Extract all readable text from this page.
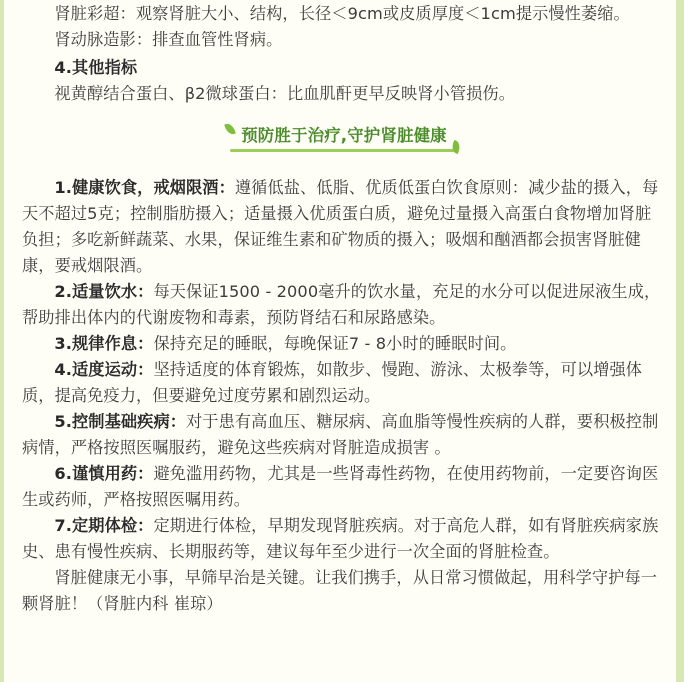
肾脏彩超：观察肾脏大小、结构，长径＜9cm或皮质厚度＜1cm提示慢性萎缩。

肾动脉造影：排查血管性肾病。

4.其他指标

视黄醇结合蛋白、β2微球蛋白：比血肌酐更早反映肾小管损伤。

预防胜于治疗,守护肾脏健康

1.健康饮食，戒烟限酒：遵循低盐、低脂、优质低蛋白饮食原则：减少盐的摄入，每天不超过5克；控制脂肪摄入；适量摄入优质蛋白质，避免过量摄入高蛋白食物增加肾脏负担；多吃新鲜蔬菜、水果，保证维生素和矿物质的摄入；吸烟和酗酒都会损害肾脏健康，要戒烟限酒。

2.适量饮水：每天保证1500 - 2000毫升的饮水量，充足的水分可以促进尿液生成，帮助排出体内的代谢废物和毒素，预防肾结石和尿路感染。

3.规律作息：保持充足的睡眠，每晚保证7 - 8小时的睡眠时间。

4.适度运动：坚持适度的体育锻炼，如散步、慢跑、游泳、太极拳等，可以增强体质，提高免疫力，但要避免过度劳累和剧烈运动。

5.控制基础疾病：对于患有高血压、糖尿病、高血脂等慢性疾病的人群，要积极控制病情，严格按照医嘱服药，避免这些疾病对肾脏造成损害 。

6.谨慎用药：避免滥用药物，尤其是一些肾毒性药物，在使用药物前，一定要咨询医生或药师，严格按照医嘱用药。

7.定期体检：定期进行体检，早期发现肾脏疾病。对于高危人群，如有肾脏疾病家族史、患有慢性疾病、长期服药等，建议每年至少进行一次全面的肾脏检查。

肾脏健康无小事，早筛早治是关键。让我们携手，从日常习惯做起，用科学守护每一颗肾脏！（肾脏内科 崔琼）
